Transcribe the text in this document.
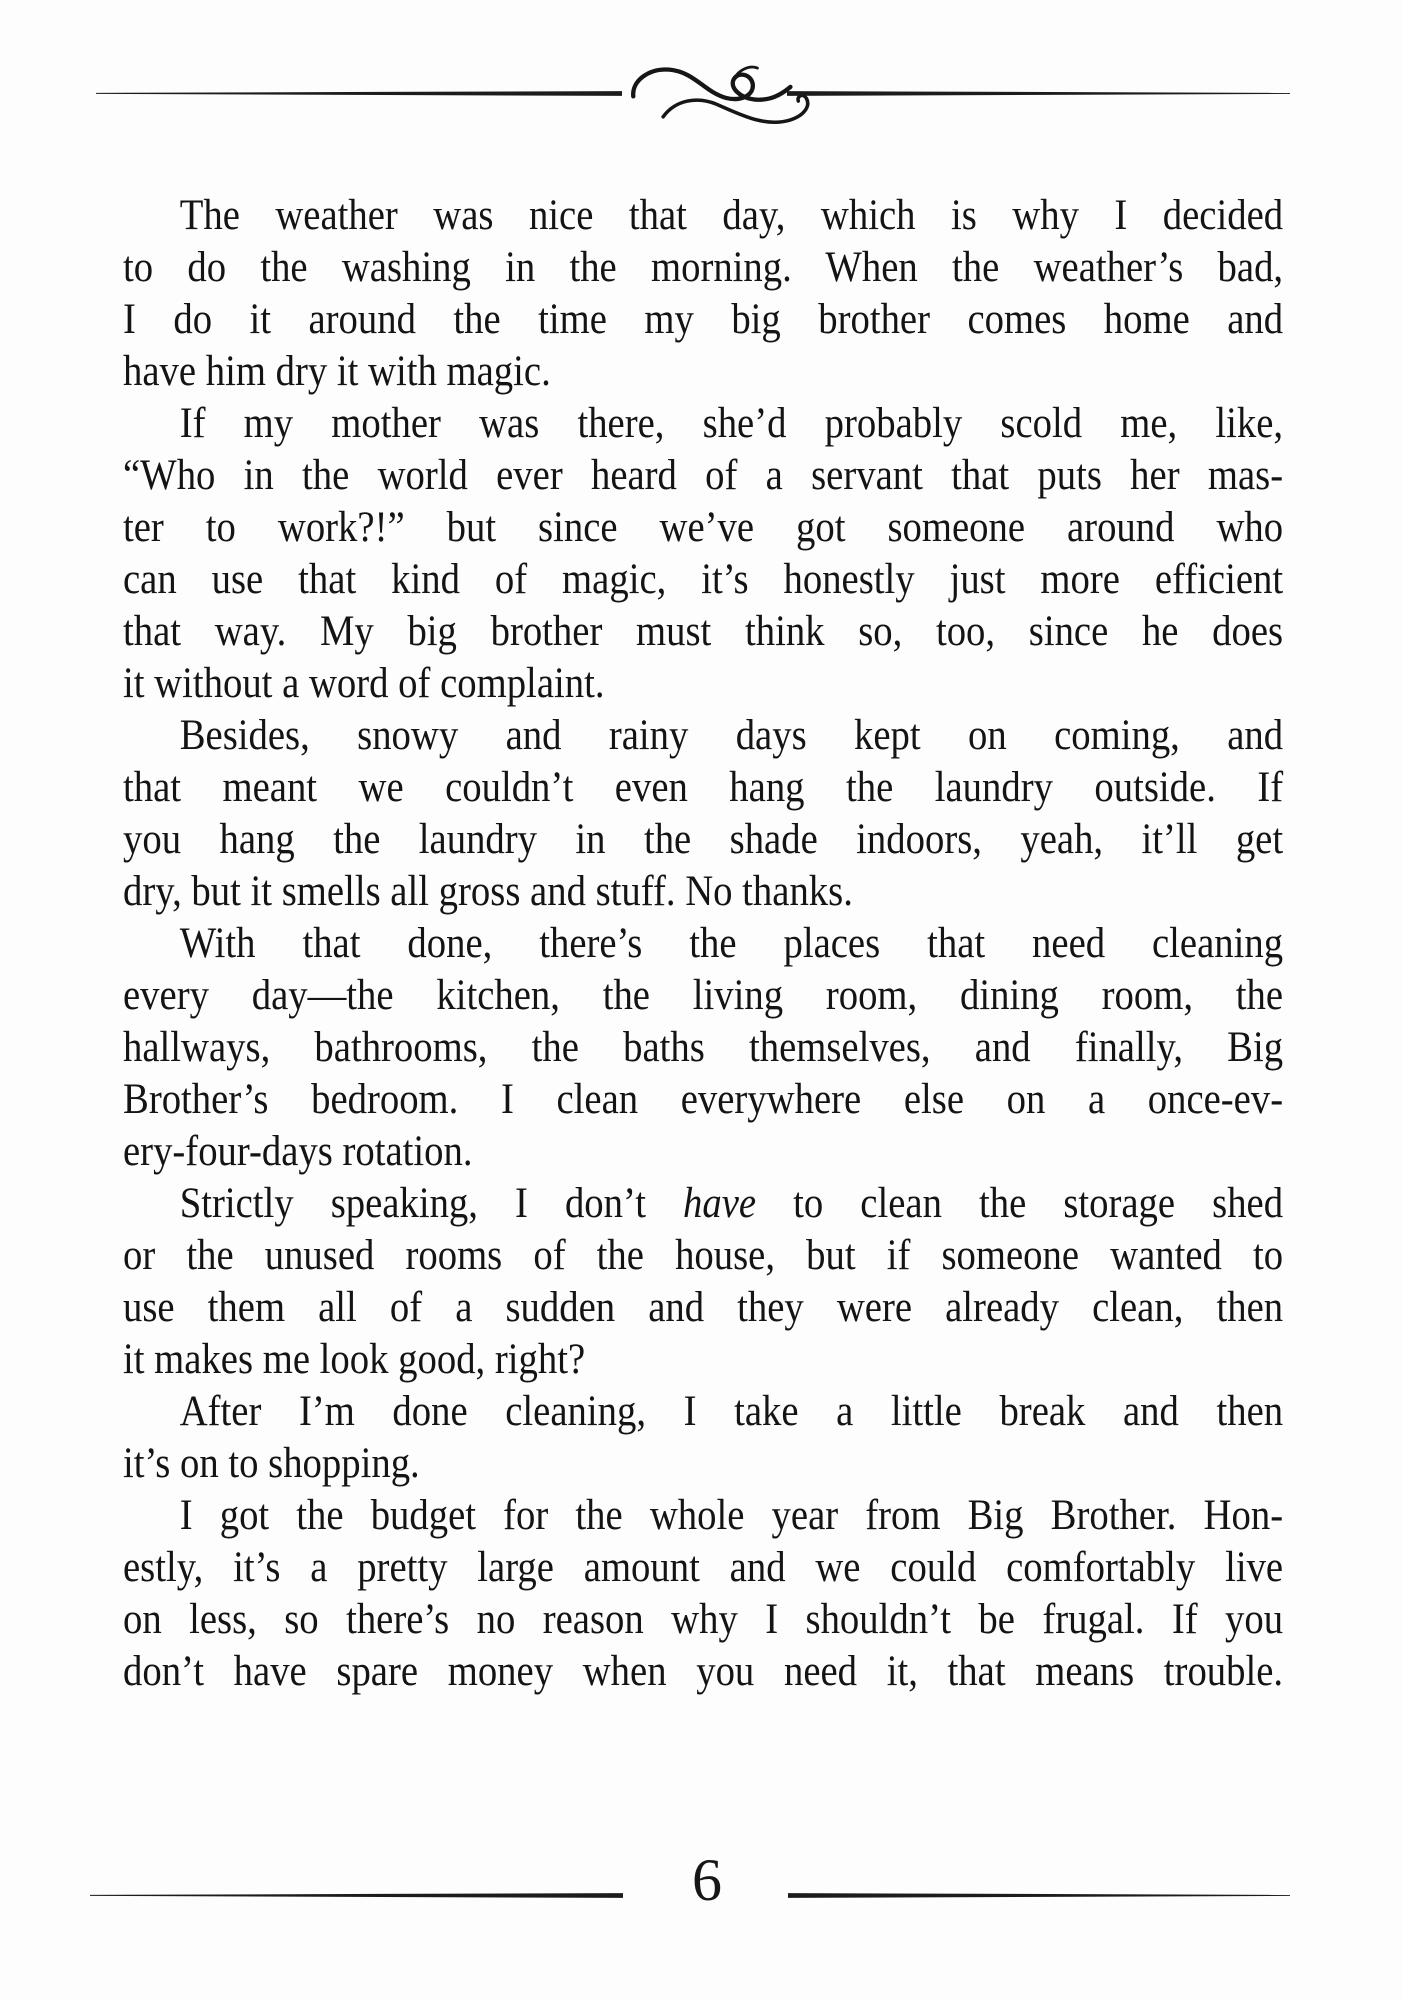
The weather was nice that day, which is why I decided
to do the washing in the morning. When the weather’s bad,
I do it around the time my big brother comes home and
have him dry it with magic.
If my mother was there, she’d probably scold me, like,
“Who in the world ever heard of a servant that puts her mas-
ter to work?!” but since we’ve got someone around who
can use that kind of magic, it’s honestly just more efficient
that way. My big brother must think so, too, since he does
it without a word of complaint.
Besides, snowy and rainy days kept on coming, and
that meant we couldn’t even hang the laundry outside. If
you hang the laundry in the shade indoors, yeah, it’ll get
dry, but it smells all gross and stuff. No thanks.
With that done, there’s the places that need cleaning
every day—the kitchen, the living room, dining room, the
hallways, bathrooms, the baths themselves, and finally, Big
Brother’s bedroom. I clean everywhere else on a once-ev-
ery-four-days rotation.
Strictly speaking, I don’t have to clean the storage shed
or the unused rooms of the house, but if someone wanted to
use them all of a sudden and they were already clean, then
it makes me look good, right?
After I’m done cleaning, I take a little break and then
it’s on to shopping.
I got the budget for the whole year from Big Brother. Hon-
estly, it’s a pretty large amount and we could comfortably live
on less, so there’s no reason why I shouldn’t be frugal. If you
don’t have spare money when you need it, that means trouble.
6
